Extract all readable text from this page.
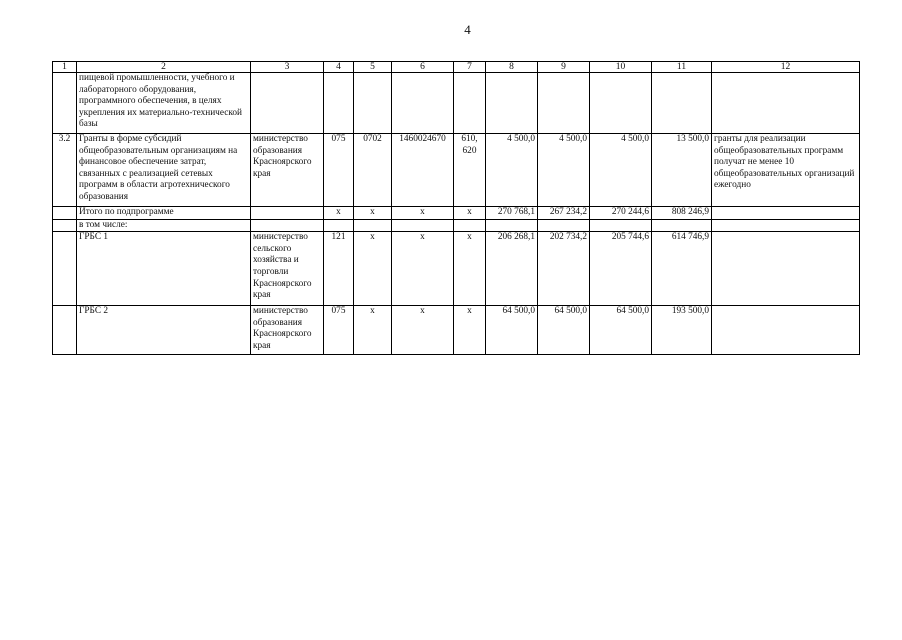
4
1	2	3	4	5	6	7	8	9	10	11	12
	пищевой промышленности, учебного и лабораторного оборудования, программного обеспечения, в целях укрепления их материально-технической базы										
3.2	Гранты в форме субсидий общеобразовательным организациям на финансовое обеспечение затрат, связанных с реализацией сетевых программ в области агротехнического образования	министерство образования Красноярского края	075	0702	1460024670	610, 620	4 500,0	4 500,0	4 500,0	13 500,0	гранты для реализации общеобразовательных программ получат не менее 10 общеобразовательных организаций ежегодно
	Итого по подпрограмме		x	x	x	x	270 768,1	267 234,2	270 244,6	808 246,9	
	в том числе:										
	ГРБС 1	министерство сельского хозяйства и торговли Красноярского края	121	x	x	x	206 268,1	202 734,2	205 744,6	614 746,9	
	ГРБС 2	министерство образования Красноярского края	075	x	x	x	64 500,0	64 500,0	64 500,0	193 500,0	
